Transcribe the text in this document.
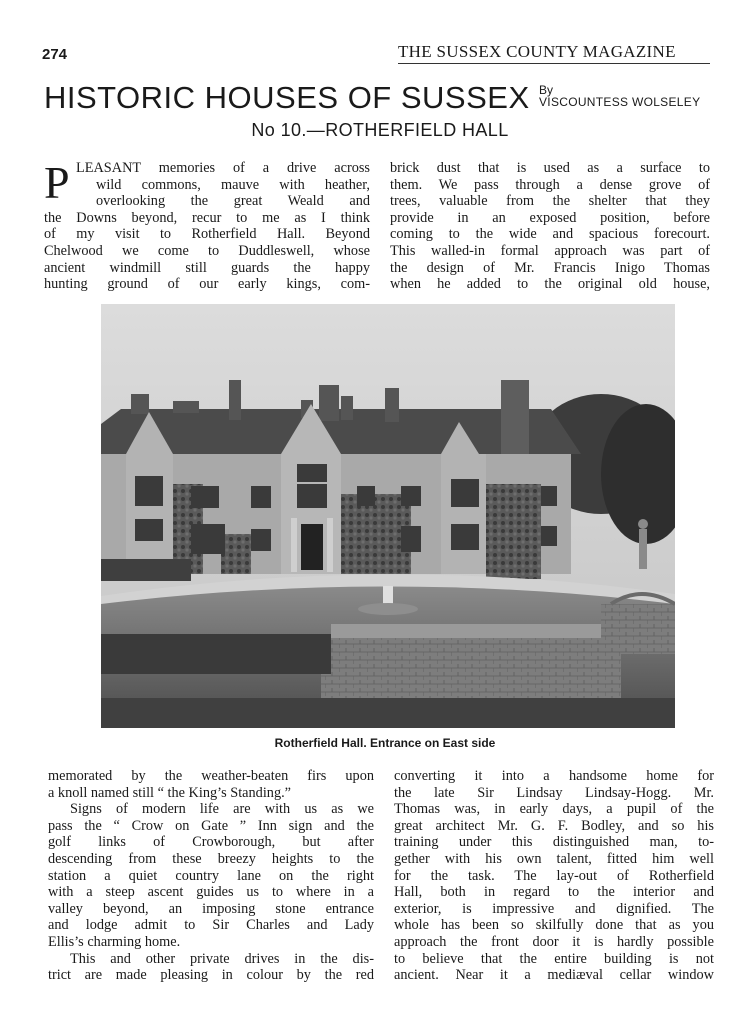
274	THE SUSSEX COUNTY MAGAZINE
HISTORIC HOUSES OF SUSSEX By
VISCOUNTESS WOLSELEY
No 10.—ROTHERFIELD HALL
P LEASANT memories of a drive across
wild commons, mauve with heather,
overlooking the great Weald and
the Downs beyond, recur to me as I think
of my visit to Rotherfield Hall. Beyond
Chelwood we come to Duddleswell, whose
ancient windmill still guards the happy
hunting ground of our early kings, com-
brick dust that is used as a surface to
them. We pass through a dense grove of
trees, valuable from the shelter that they
provide in an exposed position, before
coming to the wide and spacious forecourt.
This walled-in formal approach was part of
the design of Mr. Francis Inigo Thomas
when he added to the original old house,
Rotherfield Hall. Entrance on East side
memorated by the weather-beaten firs upon
a knoll named still “ the King’s Standing.”
Signs of modern life are with us as we
pass the “ Crow on Gate ” Inn sign and the
golf links of Crowborough, but after
descending from these breezy heights to the
station a quiet country lane on the right
with a steep ascent guides us to where in a
valley beyond, an imposing stone entrance
and lodge admit to Sir Charles and Lady
Ellis’s charming home.
This and other private drives in the dis-
trict are made pleasing in colour by the red
converting it into a handsome home for
the late Sir Lindsay Lindsay-Hogg. Mr.
Thomas was, in early days, a pupil of the
great architect Mr. G. F. Bodley, and so his
training under this distinguished man, to-
gether with his own talent, fitted him well
for the task. The lay-out of Rotherfield
Hall, both in regard to the interior and
exterior, is impressive and dignified. The
whole has been so skilfully done that as you
approach the front door it is hardly possible
to believe that the entire building is not
ancient. Near it a mediæval cellar window
